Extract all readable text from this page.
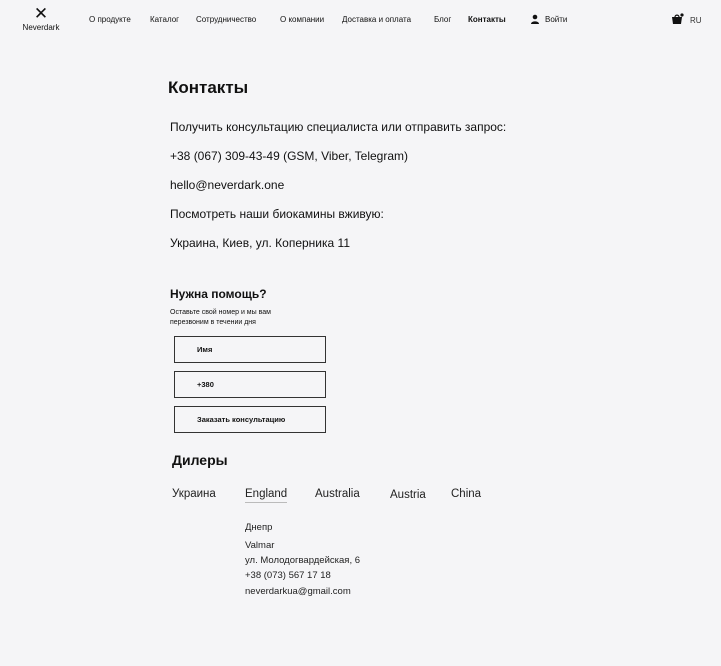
✕
Neverdark
О продукте Каталог Сотрудничество	О компании Доставка и оплата	Блог Контакты	Войти	RU
Контакты
Получить консультацию специалиста или отправить запрос:
+38 (067) 309-43-49 (GSM, Viber, Telegram)
hello@neverdark.one
Посмотреть наши биокамины вживую:
Украина, Киев, ул. Коперника 11
Нужна помощь?
Оставьте свой номер и мы вам перезвоним в течении дня
Имя
+380
Заказать консультацию
Дилеры
Украина	England Australia	Austria China
Днепр
Valmar
ул. Молодогвардейская, 6
+38 (073) 567 17 18
neverdarkua@gmail.com
